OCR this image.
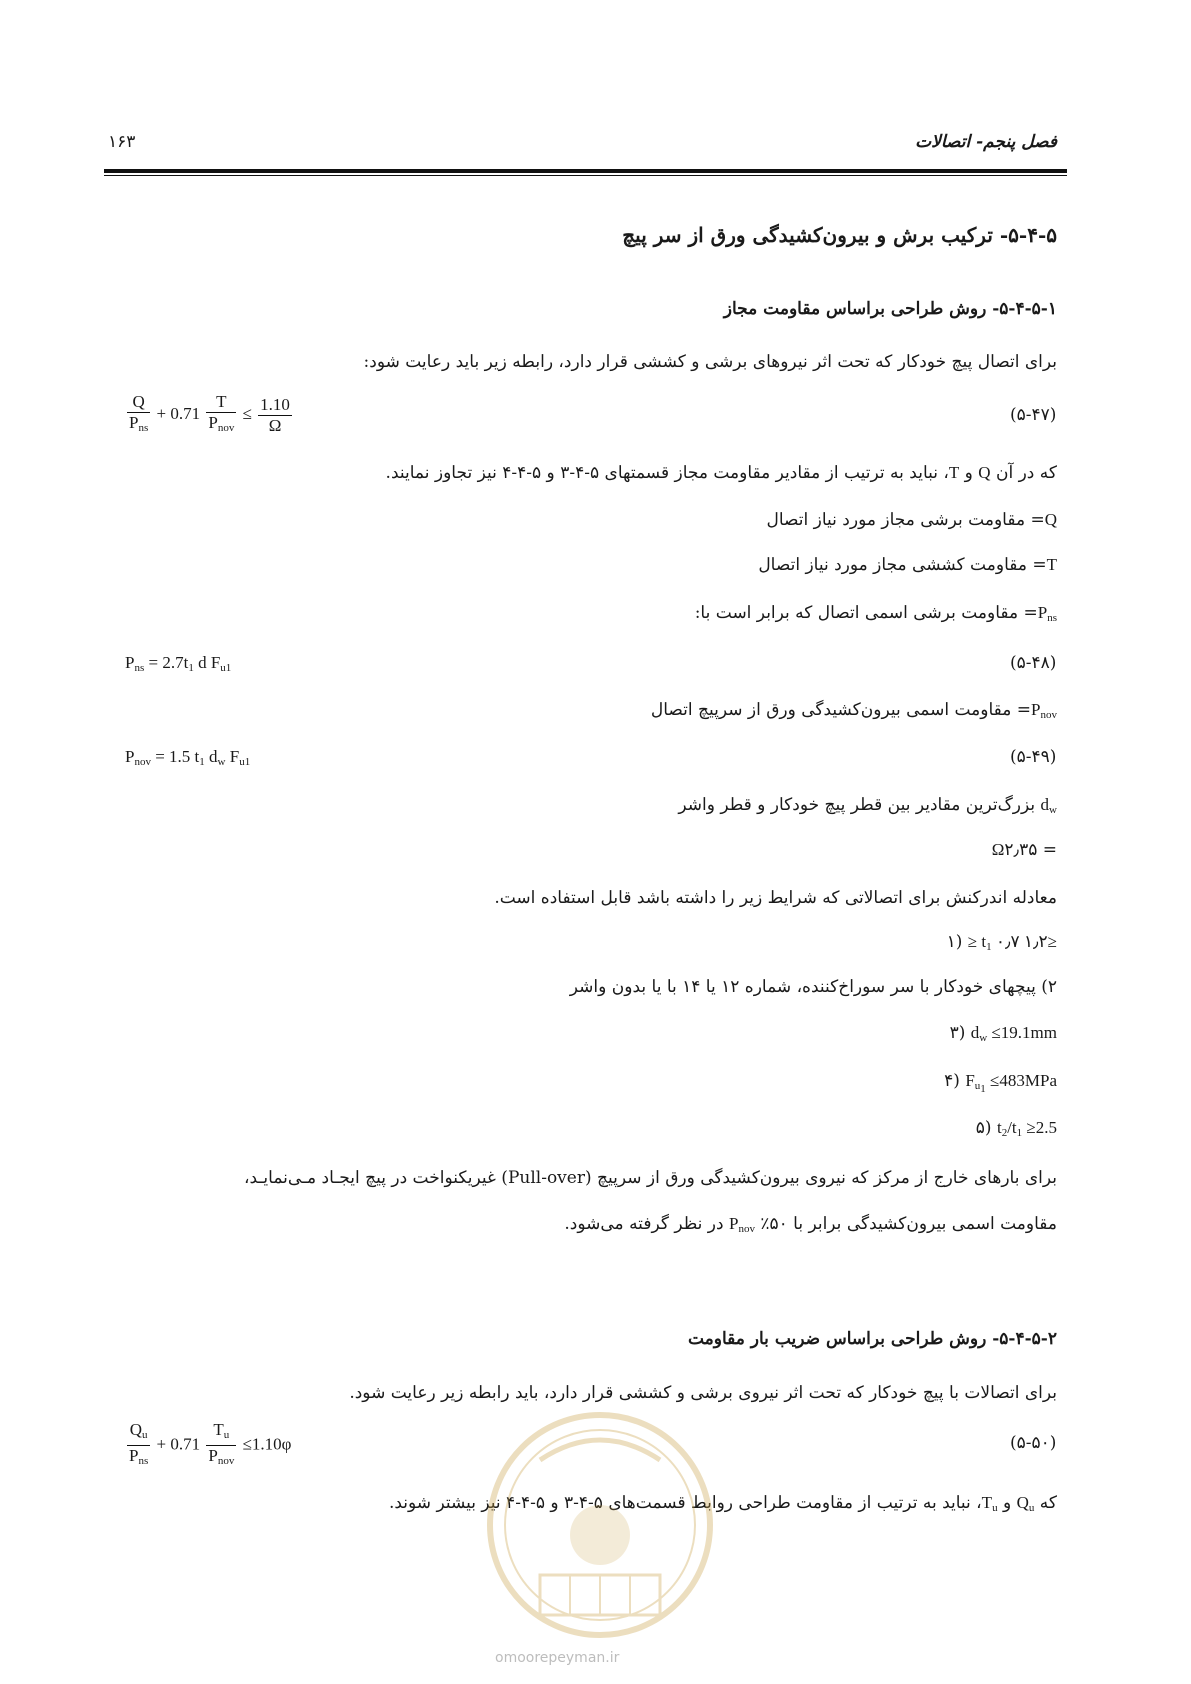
فصل پنجم- اتصالات
۱۶۳
۵-۴-۵- ترکیب برش و بیرون‌کشیدگی ورق از سر پیچ
۵-۴-۵-۱- روش طراحی براساس مقاومت مجاز
برای اتصال پیچ خودکار که تحت اثر نیروهای برشی و کششی قرار دارد، رابطه زیر باید رعایت شود:
$\frac{Q}{P_{ns}} + 0.71 \frac{T}{P_{nov}} \le \frac{1.10}{\Omega}$	(۵-۴۷)
که در آن Q و T، نباید به ترتیب از مقادیر مقاومت مجاز قسمتهای ۵-۴-۳ و ۵-۴-۴ نیز تجاوز نمایند.
Q= مقاومت برشی مجاز مورد نیاز اتصال
T= مقاومت کششی مجاز مورد نیاز اتصال
$P_{ns}=$ مقاومت برشی اسمی اتصال که برابر است با:
$P_{ns} = 2.7t_1$ d $F_{u1}$	(۵-۴۸)
$P_{nov}=$ مقاومت اسمی بیرون‌کشیدگی ورق از سرپیچ اتصال
$P_{nov} = 1.5$ $t_1$ $d_w$ $F_{u1}$	(۵-۴۹)
$d_w$ بزرگ‌ترین مقادیر بین قطر پیچ خودکار و قطر واشر
Ω۲٫۳۵ =
معادله اندرکنش برای اتصالاتی که شرایط زیر را داشته باشد قابل استفاده است.
۱)	≤۱٫۲ $t_1$ ۰٫۷ ≤
۲) پیچهای خودکار با سر سوراخ‌کننده، شماره ۱۲ یا ۱۴ با یا بدون واشر
۳) $d_w \le 19.1mm$
۴) $F_{u_1} \le 483MPa$
۵) $t_2/t_1 \ge 2.5$
برای بارهای خارج از مرکز که نیروی بیرون‌کشیدگی ورق از سرپیچ (Pull-over) غیریکنواخت در پیچ ایجـاد مـی‌نمایـد،
مقاومت اسمی بیرون‌کشیدگی برابر با ۵۰٪ $P_{nov}$ در نظر گرفته می‌شود.
۵-۴-۵-۲- روش طراحی براساس ضریب بار مقاومت
برای اتصالات با پیچ خودکار که تحت اثر نیروی برشی و کششی قرار دارد، باید رابطه زیر رعایت شود.
$\frac{Q_u}{P_{ns}} + 0.71 \frac{T_u}{P_{nov}} \le 1.10\varphi$	(۵-۵۰)
که $Q_u$ و $T_u،$ نباید به ترتیب از مقاومت طراحی روابط قسمت‌های ۵-۴-۳ و ۵-۴-۴ نیز بیشتر شوند.
omoorepeyman.ir
